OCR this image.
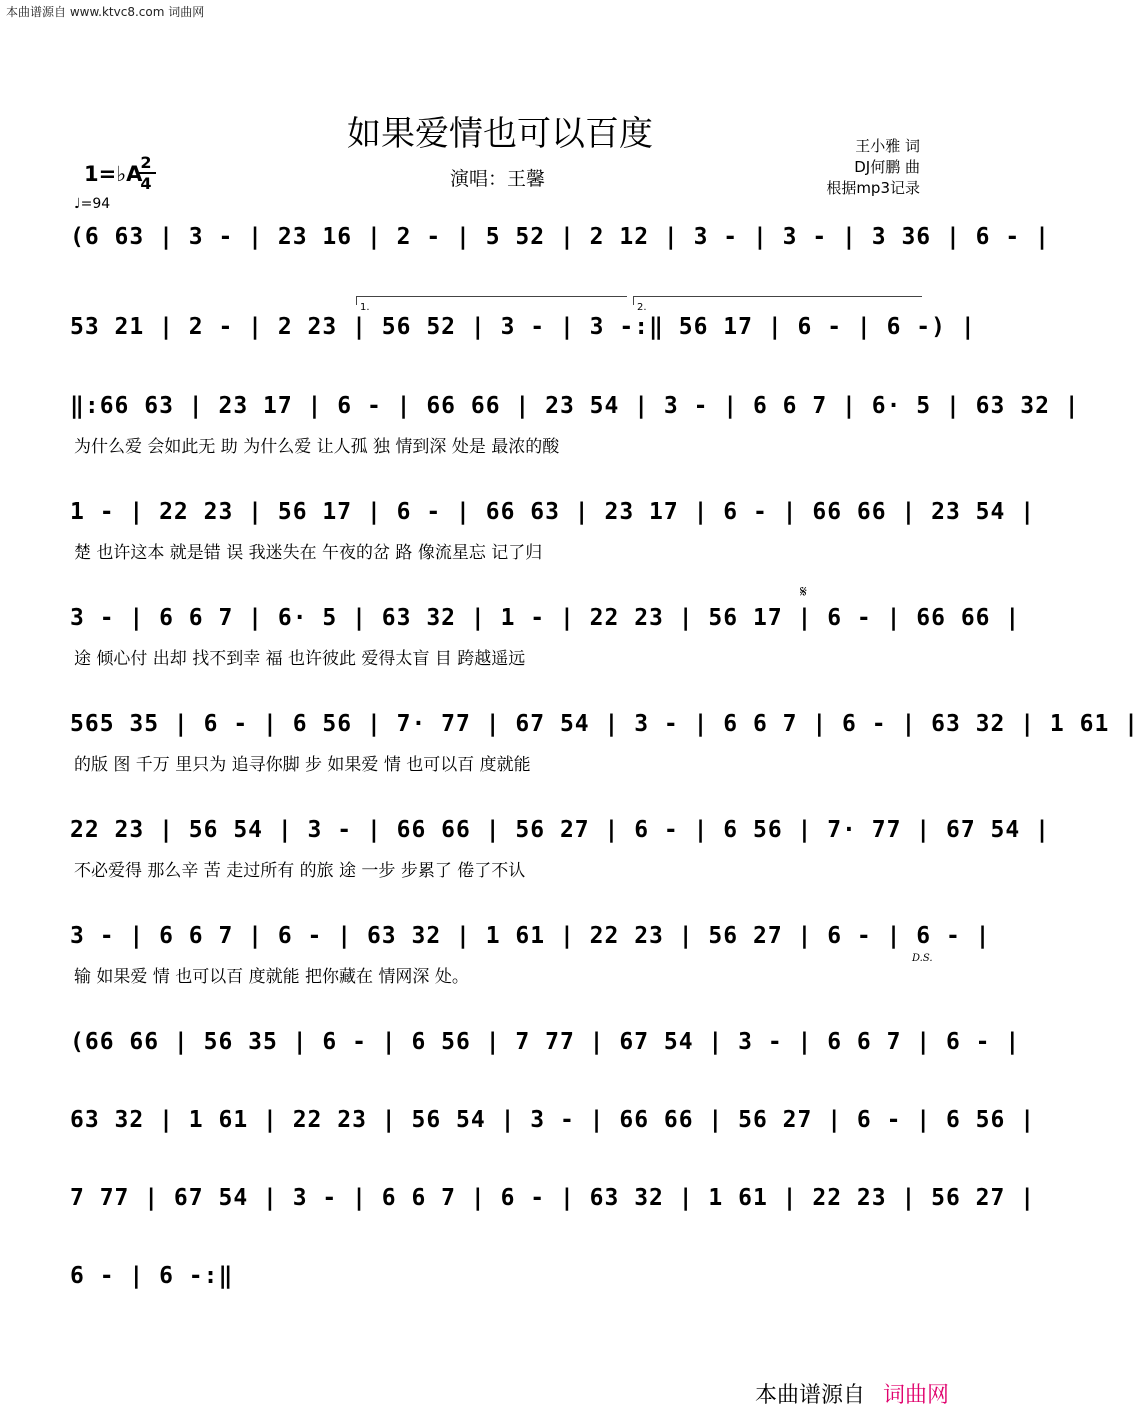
本曲谱源自 www.ktvc8.com 词曲网
如果爱情也可以百度
演唱：王馨
王小雅 词
DJ何鹏 曲
根据mp3记录
1=♭A
2
4
♩=94
1.	2.
𝄋
D.S.
(6 63 | 3 - | 23 16 | 2 - | 5 52 | 2 12 | 3 - | 3 - | 3 36 | 6 - |
53 21 | 2 - | 2 23 | 56 52 | 3 - | 3 -:‖ 56 17 | 6 - | 6 -) |
‖:66 63 | 23 17 | 6 - | 66 66 | 23 54 | 3 - | 6 6 7 | 6· 5 | 63 32 |
为什么爱 会如此无 助 为什么爱 让人孤 独 情到深 处是 最浓的酸
1 - | 22 23 | 56 17 | 6 - | 66 63 | 23 17 | 6 - | 66 66 | 23 54 |
楚 也许这本 就是错 误 我迷失在 午夜的岔 路 像流星忘 记了归
3 - | 6 6 7 | 6· 5 | 63 32 | 1 - | 22 23 | 56 17 | 6 - | 66 66 |
途 倾心付 出却 找不到幸 福 也许彼此 爱得太盲 目 跨越遥远
565 35 | 6 - | 6 56 | 7· 77 | 67 54 | 3 - | 6 6 7 | 6 - | 63 32 | 1 61 |
的版 图 千万 里只为 追寻你脚 步 如果爱 情 也可以百 度就能
22 23 | 56 54 | 3 - | 66 66 | 56 27 | 6 - | 6 56 | 7· 77 | 67 54 |
不必爱得 那么辛 苦 走过所有 的旅 途 一步 步累了 倦了不认
3 - | 6 6 7 | 6 - | 63 32 | 1 61 | 22 23 | 56 27 | 6 - | 6 - |
输 如果爱 情 也可以百 度就能 把你藏在 情网深 处。
(66 66 | 56 35 | 6 - | 6 56 | 7 77 | 67 54 | 3 - | 6 6 7 | 6 - |
63 32 | 1 61 | 22 23 | 56 54 | 3 - | 66 66 | 56 27 | 6 - | 6 56 |
7 77 | 67 54 | 3 - | 6 6 7 | 6 - | 63 32 | 1 61 | 22 23 | 56 27 |
6 - | 6 -:‖
本曲谱源自 词曲网
